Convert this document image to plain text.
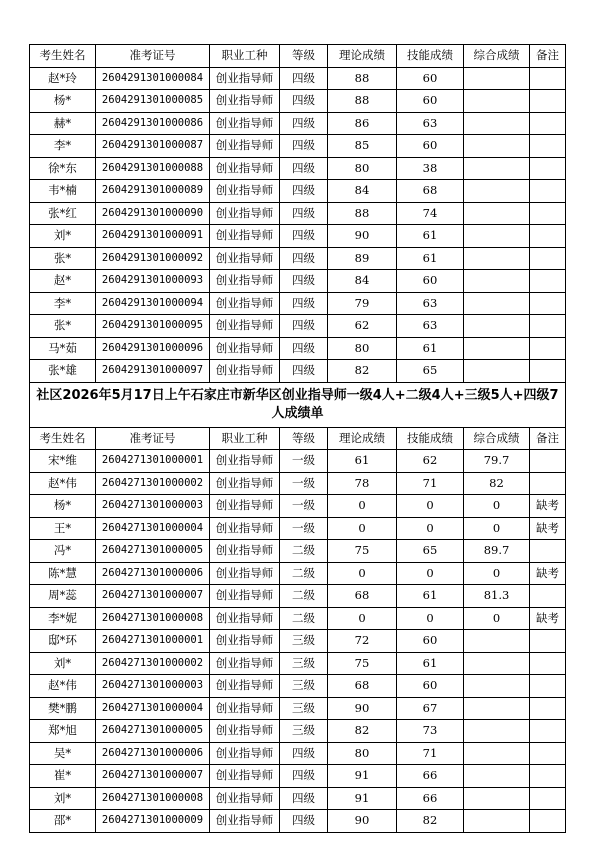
考生姓名	准考证号	职业工种	等级	理论成绩	技能成绩	综合成绩	备注
赵*玲	2604291301000084	创业指导师	四级	88	60		
杨*	2604291301000085	创业指导师	四级	88	60		
赫*	2604291301000086	创业指导师	四级	86	63		
李*	2604291301000087	创业指导师	四级	85	60		
徐*东	2604291301000088	创业指导师	四级	80	38		
韦*楠	2604291301000089	创业指导师	四级	84	68		
张*红	2604291301000090	创业指导师	四级	88	74		
刘*	2604291301000091	创业指导师	四级	90	61		
张*	2604291301000092	创业指导师	四级	89	61		
赵*	2604291301000093	创业指导师	四级	84	60		
李*	2604291301000094	创业指导师	四级	79	63		
张*	2604291301000095	创业指导师	四级	62	63		
马*茹	2604291301000096	创业指导师	四级	80	61		
张*雄	2604291301000097	创业指导师	四级	82	65		
社区2026年5月17日上午石家庄市新华区创业指导师一级4人+二级4人+三级5人+四级7人成绩单							
考生姓名	准考证号	职业工种	等级	理论成绩	技能成绩	综合成绩	备注
宋*维	2604271301000001	创业指导师	一级	61	62	79.7	
赵*伟	2604271301000002	创业指导师	一级	78	71	82	
杨*	2604271301000003	创业指导师	一级	0	0	0	缺考
王*	2604271301000004	创业指导师	一级	0	0	0	缺考
冯*	2604271301000005	创业指导师	二级	75	65	89.7	
陈*慧	2604271301000006	创业指导师	二级	0	0	0	缺考
周*蕊	2604271301000007	创业指导师	二级	68	61	81.3	
李*妮	2604271301000008	创业指导师	二级	0	0	0	缺考
邸*环	2604271301000001	创业指导师	三级	72	60		
刘*	2604271301000002	创业指导师	三级	75	61		
赵*伟	2604271301000003	创业指导师	三级	68	60		
樊*鹏	2604271301000004	创业指导师	三级	90	67		
郑*旭	2604271301000005	创业指导师	三级	82	73		
吴*	2604271301000006	创业指导师	四级	80	71		
崔*	2604271301000007	创业指导师	四级	91	66		
刘*	2604271301000008	创业指导师	四级	91	66		
邵*	2604271301000009	创业指导师	四级	90	82		
